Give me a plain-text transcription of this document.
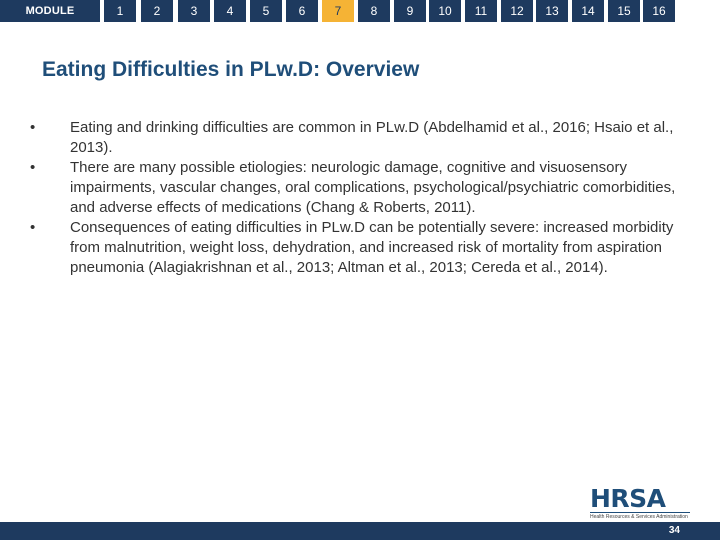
MODULE	1	2	3	4	5	6	7	8	9	10	11	12	13	14	15	16
Eating Difficulties in PLw.D: Overview
•	Eating and drinking difficulties are common in PLw.D (Abdelhamid et al., 2016; Hsaio et al., 2013).
•	There are many possible etiologies: neurologic damage, cognitive and visuosensory impairments, vascular changes, oral complications, psychological/psychiatric comorbidities, and adverse effects of medications (Chang & Roberts, 2011).
•	Consequences of eating difficulties in PLw.D can be potentially severe: increased morbidity from malnutrition, weight loss, dehydration, and increased risk of mortality from aspiration pneumonia (Alagiakrishnan et al., 2013; Altman et al., 2013; Cereda et al., 2014).
HRSA
Health Resources & Services Administration
34
